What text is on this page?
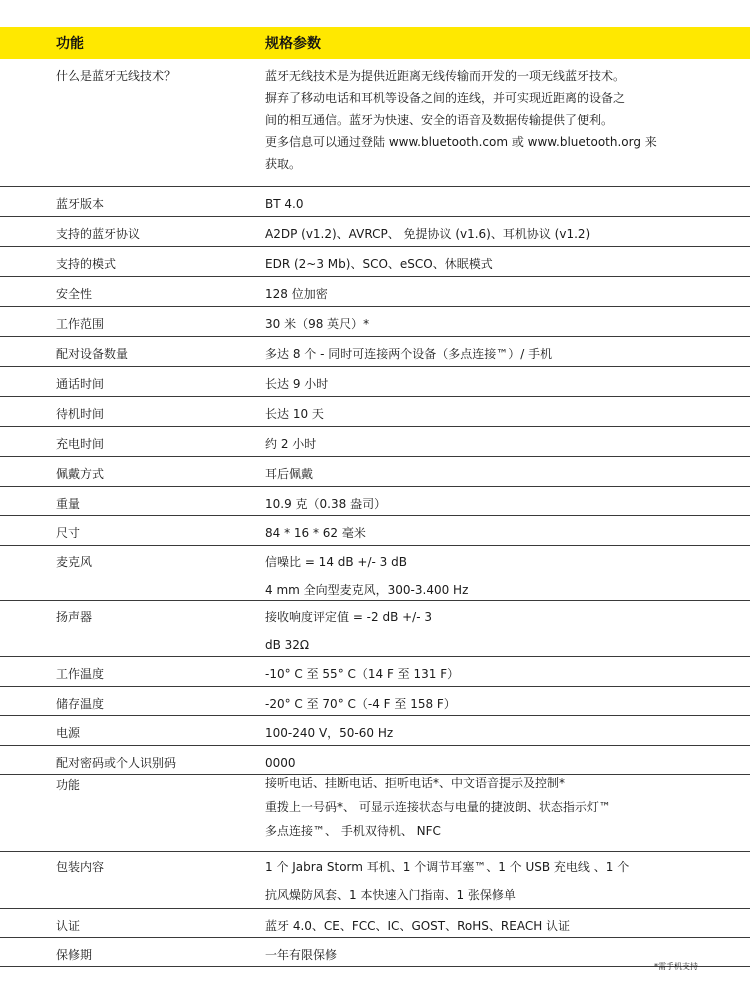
功能	规格参数
什么是蓝牙无线技术？	蓝牙无线技术是为提供近距离无线传输而开发的一项无线蓝牙技术。
摒弃了移动电话和耳机等设备之间的连线，并可实现近距离的设备之
间的相互通信。蓝牙为快速、安全的语音及数据传输提供了便利。
更多信息可以通过登陆 www.bluetooth.com 或 www.bluetooth.org 来
获取。
蓝牙版本	BT 4.0
支持的蓝牙协议	A2DP (v1.2)、AVRCP、 免提协议 (v1.6)、耳机协议 (v1.2)
支持的模式	EDR (2~3 Mb)、SCO、eSCO、休眠模式
安全性	128 位加密
工作范围	30 米（98 英尺）*
配对设备数量	多达 8 个 - 同时可连接两个设备（多点连接™）/ 手机
通话时间	长达 9 小时
待机时间	长达 10 天
充电时间	约 2 小时
佩戴方式	耳后佩戴
重量	10.9 克（0.38 盎司）
尺寸	84 * 16 * 62 毫米
麦克风	信噪比 = 14 dB +/- 3 dB
4 mm 全向型麦克风，300-3.400 Hz
扬声器	接收响度评定值 = -2 dB +/- 3
dB 32Ω
工作温度	-10° C 至 55° C（14 F 至 131 F）
储存温度	-20° C 至 70° C（-4 F 至 158 F）
电源	100-240 V，50-60 Hz
配对密码或个人识别码	0000
功能	接听电话、挂断电话、拒听电话*、中文语音提示及控制*
重拨上一号码*、 可显示连接状态与电量的捷波朗、状态指示灯™
多点连接™、 手机双待机、 NFC
包装内容	1 个 Jabra Storm 耳机、1 个调节耳塞™、1 个 USB 充电线 、1 个
抗风燥防风套、1 本快速入门指南、1 张保修单
认证	蓝牙 4.0、CE、FCC、IC、GOST、RoHS、REACH 认证
保修期	一年有限保修
*需手机支持
